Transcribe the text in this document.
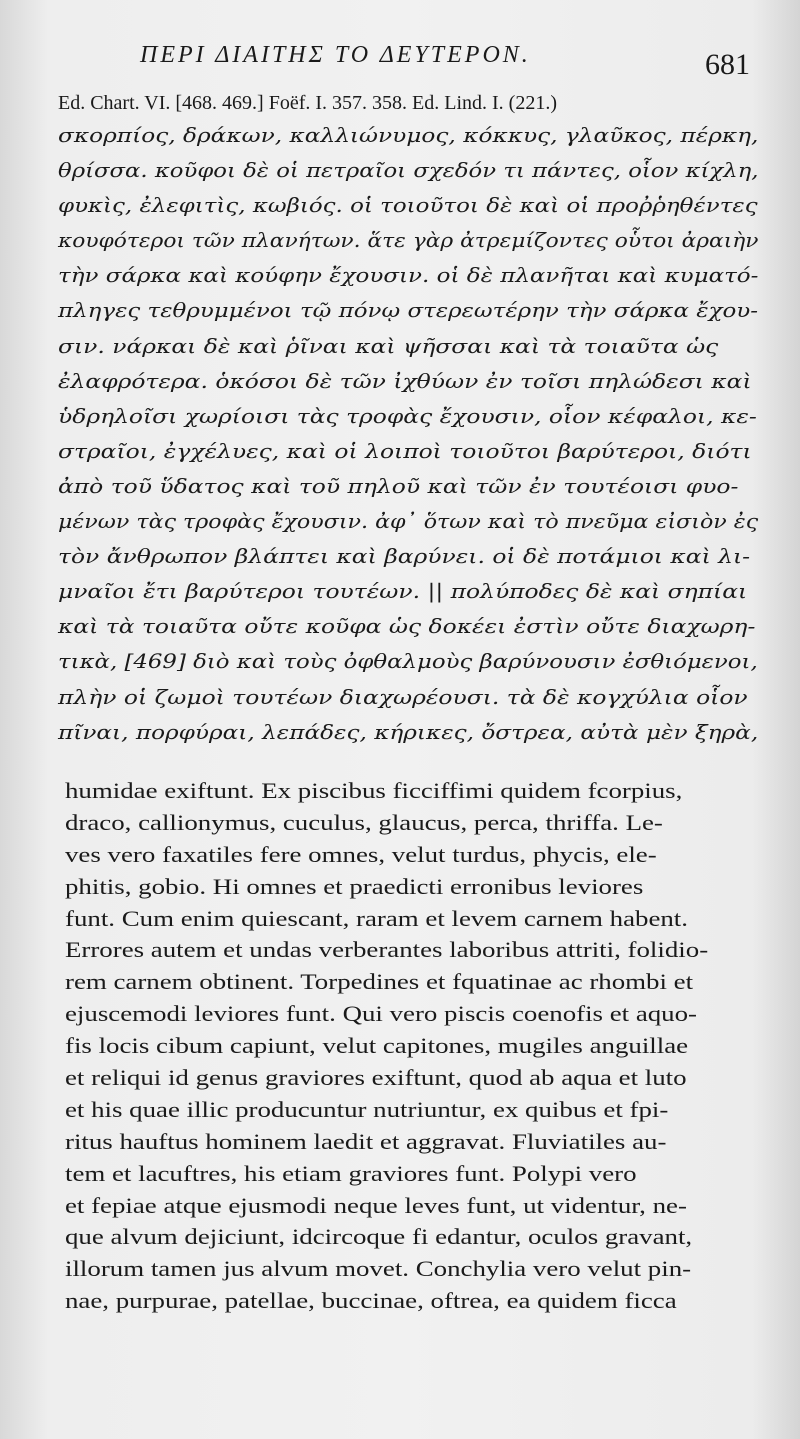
ΠΕΡΙ ΔΙΑΙΤΗΣ ΤΟ ΔΕΥΤΕΡΟΝ.	681
Ed. Chart. VI. [468. 469.] Foëf. I. 357. 358. Ed. Lind. I. (221.)
σκορπίος, δράκων, καλλιώνυμος, κόκκυς, γλαῦκος, πέρκη,
θρίσσα. κοῦφοι δὲ οἱ πετραῖοι σχεδόν τι πάντες, οἷον κίχλη,
φυκὶς, ἐλεφιτὶς, κωβιός. οἱ τοιοῦτοι δὲ καὶ οἱ προῤῥηθέντες
κουφότεροι τῶν πλανήτων. ἅτε γὰρ ἀτρεμίζοντες οὗτοι ἀραιὴν
τὴν σάρκα καὶ κούφην ἔχουσιν. οἱ δὲ πλανῆται καὶ κυματό-
πληγες τεθρυμμένοι τῷ πόνῳ στερεωτέρην τὴν σάρκα ἔχου-
σιν. νάρκαι δὲ καὶ ῥῖναι καὶ ψῆσσαι καὶ τὰ τοιαῦτα ὡς
ἐλαφρότερα. ὁκόσοι δὲ τῶν ἰχθύων ἐν τοῖσι πηλώδεσι καὶ
ὑδρηλοῖσι χωρίοισι τὰς τροφὰς ἔχουσιν, οἷον κέφαλοι, κε-
στραῖοι, ἐγχέλυες, καὶ οἱ λοιποὶ τοιοῦτοι βαρύτεροι, διότι
ἀπὸ τοῦ ὕδατος καὶ τοῦ πηλοῦ καὶ τῶν ἐν τουτέοισι φυο-
μένων τὰς τροφὰς ἔχουσιν. ἀφ᾽ ὅτων καὶ τὸ πνεῦμα εἰσιὸν ἐς
τὸν ἄνθρωπον βλάπτει καὶ βαρύνει. οἱ δὲ ποτάμιοι καὶ λι-
μναῖοι ἔτι βαρύτεροι τουτέων. || πολύποδες δὲ καὶ σηπίαι
καὶ τὰ τοιαῦτα οὔτε κοῦφα ὡς δοκέει ἐστὶν οὔτε διαχωρη-
τικὰ, [469] διὸ καὶ τοὺς ὀφθαλμοὺς βαρύνουσιν ἐσθιόμενοι,
πλὴν οἱ ζωμοὶ τουτέων διαχωρέουσι. τὰ δὲ κογχύλια οἷον
πῖναι, πορφύραι, λεπάδες, κήρικες, ὄστρεα, αὐτὰ μὲν ξηρὰ,
humidae exiftunt. Ex piscibus ficciffimi quidem fcorpius,
draco, callionymus, cuculus, glaucus, perca, thriffa. Le-
ves vero faxatiles fere omnes, velut turdus, phycis, ele-
phitis, gobio. Hi omnes et praedicti erronibus leviores
funt. Cum enim quiescant, raram et levem carnem habent.
Errores autem et undas verberantes laboribus attriti, folidio-
rem carnem obtinent. Torpedines et fquatinae ac rhombi et
ejuscemodi leviores funt. Qui vero piscis coenofis et aquo-
fis locis cibum capiunt, velut capitones, mugiles anguillae
et reliqui id genus graviores exiftunt, quod ab aqua et luto
et his quae illic producuntur nutriuntur, ex quibus et fpi-
ritus hauftus hominem laedit et aggravat. Fluviatiles au-
tem et lacuftres, his etiam graviores funt. Polypi vero
et fepiae atque ejusmodi neque leves funt, ut videntur, ne-
que alvum dejiciunt, idcircoque fi edantur, oculos gravant,
illorum tamen jus alvum movet. Conchylia vero velut pin-
nae, purpurae, patellae, buccinae, oftrea, ea quidem ficca
